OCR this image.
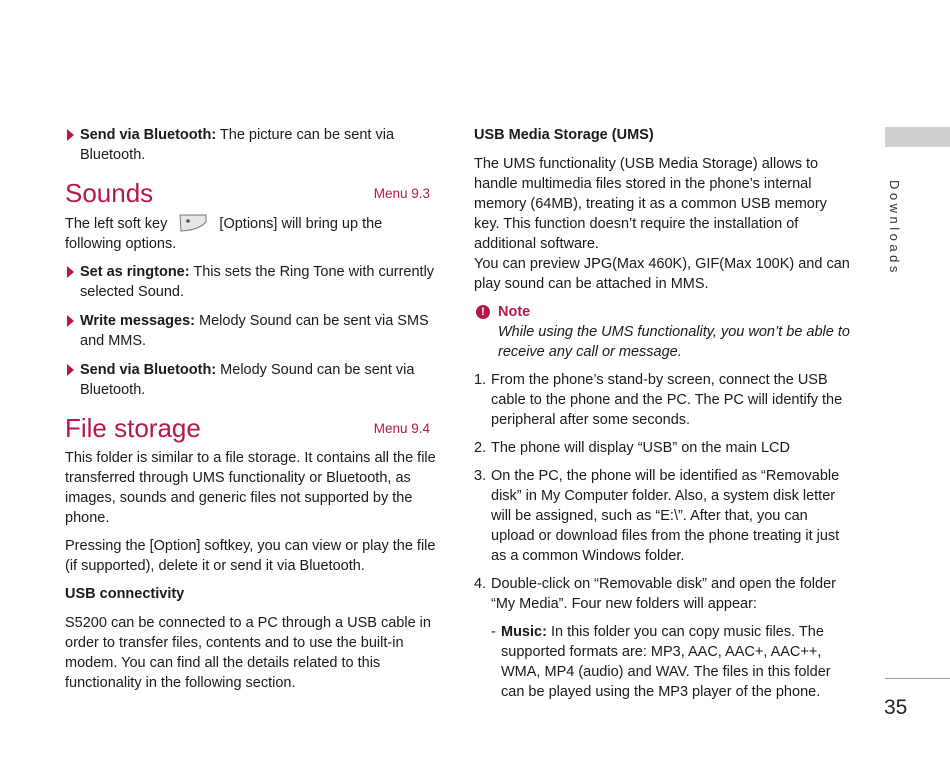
Downloads
35

Send via Bluetooth: The picture can be sent via Bluetooth.

Sounds	Menu 9.3

The left soft key	[Options] will bring up the following options.

Set as ringtone: This sets the Ring Tone with currently selected Sound.

Write messages: Melody Sound can be sent via SMS and MMS.

Send via Bluetooth: Melody Sound can be sent via Bluetooth.

File storage	Menu 9.4

This folder is similar to a file storage. It contains all the file transferred through UMS functionality or Bluetooth, as images, sounds and generic files not supported by the phone.

Pressing the [Option] softkey, you can view or play the file (if supported), delete it or send it via Bluetooth.

USB connectivity

S5200 can be connected to a PC through a USB cable in order to transfer files, contents and to use the built-in modem. You can find all the details related to this functionality in the following section.

USB Media Storage (UMS)

The UMS functionality (USB Media Storage) allows to handle multimedia files stored in the phone’s internal memory (64MB), treating it as a common USB memory key. This function doesn’t require the installation of additional software.

You can preview JPG(Max 460K), GIF(Max 100K) and can play sound can be attached in MMS.

! Note

While using the UMS functionality, you won’t be able to receive any call or message.

1. From the phone’s stand-by screen, connect the USB cable to the phone and the PC. The PC will identify the peripheral after some seconds.
2. The phone will display “USB” on the main LCD
3. On the PC, the phone will be identified as “Removable disk” in My Computer folder. Also, a system disk letter will be assigned, such as “E:\”. After that, you can upload or download files from the phone treating it just as a common Windows folder.
4. Double-click on “Removable disk” and open the folder “My Media”. Four new folders will appear:
- Music: In this folder you can copy music files. The supported formats are: MP3, AAC, AAC+, AAC++, WMA, MP4 (audio) and WAV. The files in this folder can be played using the MP3 player of the phone.
